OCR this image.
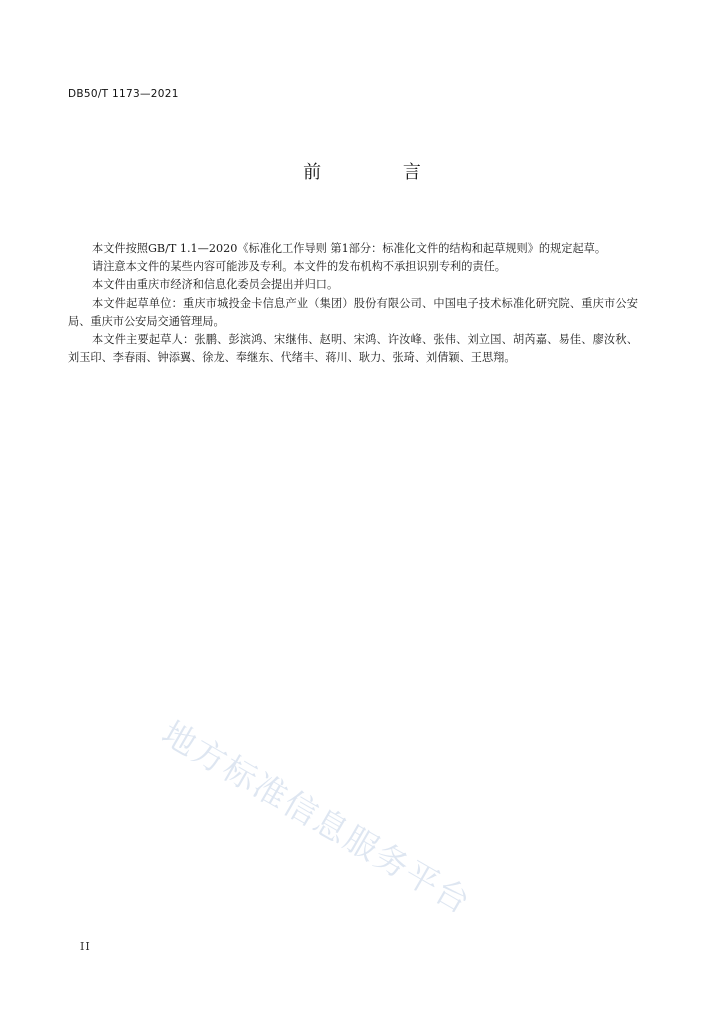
DB50/T 1173—2021
前 言

本文件按照GB/T 1.1—2020《标准化工作导则 第1部分：标准化文件的结构和起草规则》的规定起草。

请注意本文件的某些内容可能涉及专利。本文件的发布机构不承担识别专利的责任。

本文件由重庆市经济和信息化委员会提出并归口。

本文件起草单位：重庆市城投金卡信息产业（集团）股份有限公司、中国电子技术标准化研究院、重庆市公安局、重庆市公安局交通管理局。

本文件主要起草人：张鹏、彭滨鸿、宋继伟、赵明、宋鸿、许汝峰、张伟、刘立国、胡芮嘉、易佳、廖汝秋、刘玉印、李春雨、钟添翼、徐龙、奉继东、代绪丰、蒋川、耿力、张琦、刘倩颖、王思翔。

地方标准信息服务平台
II
